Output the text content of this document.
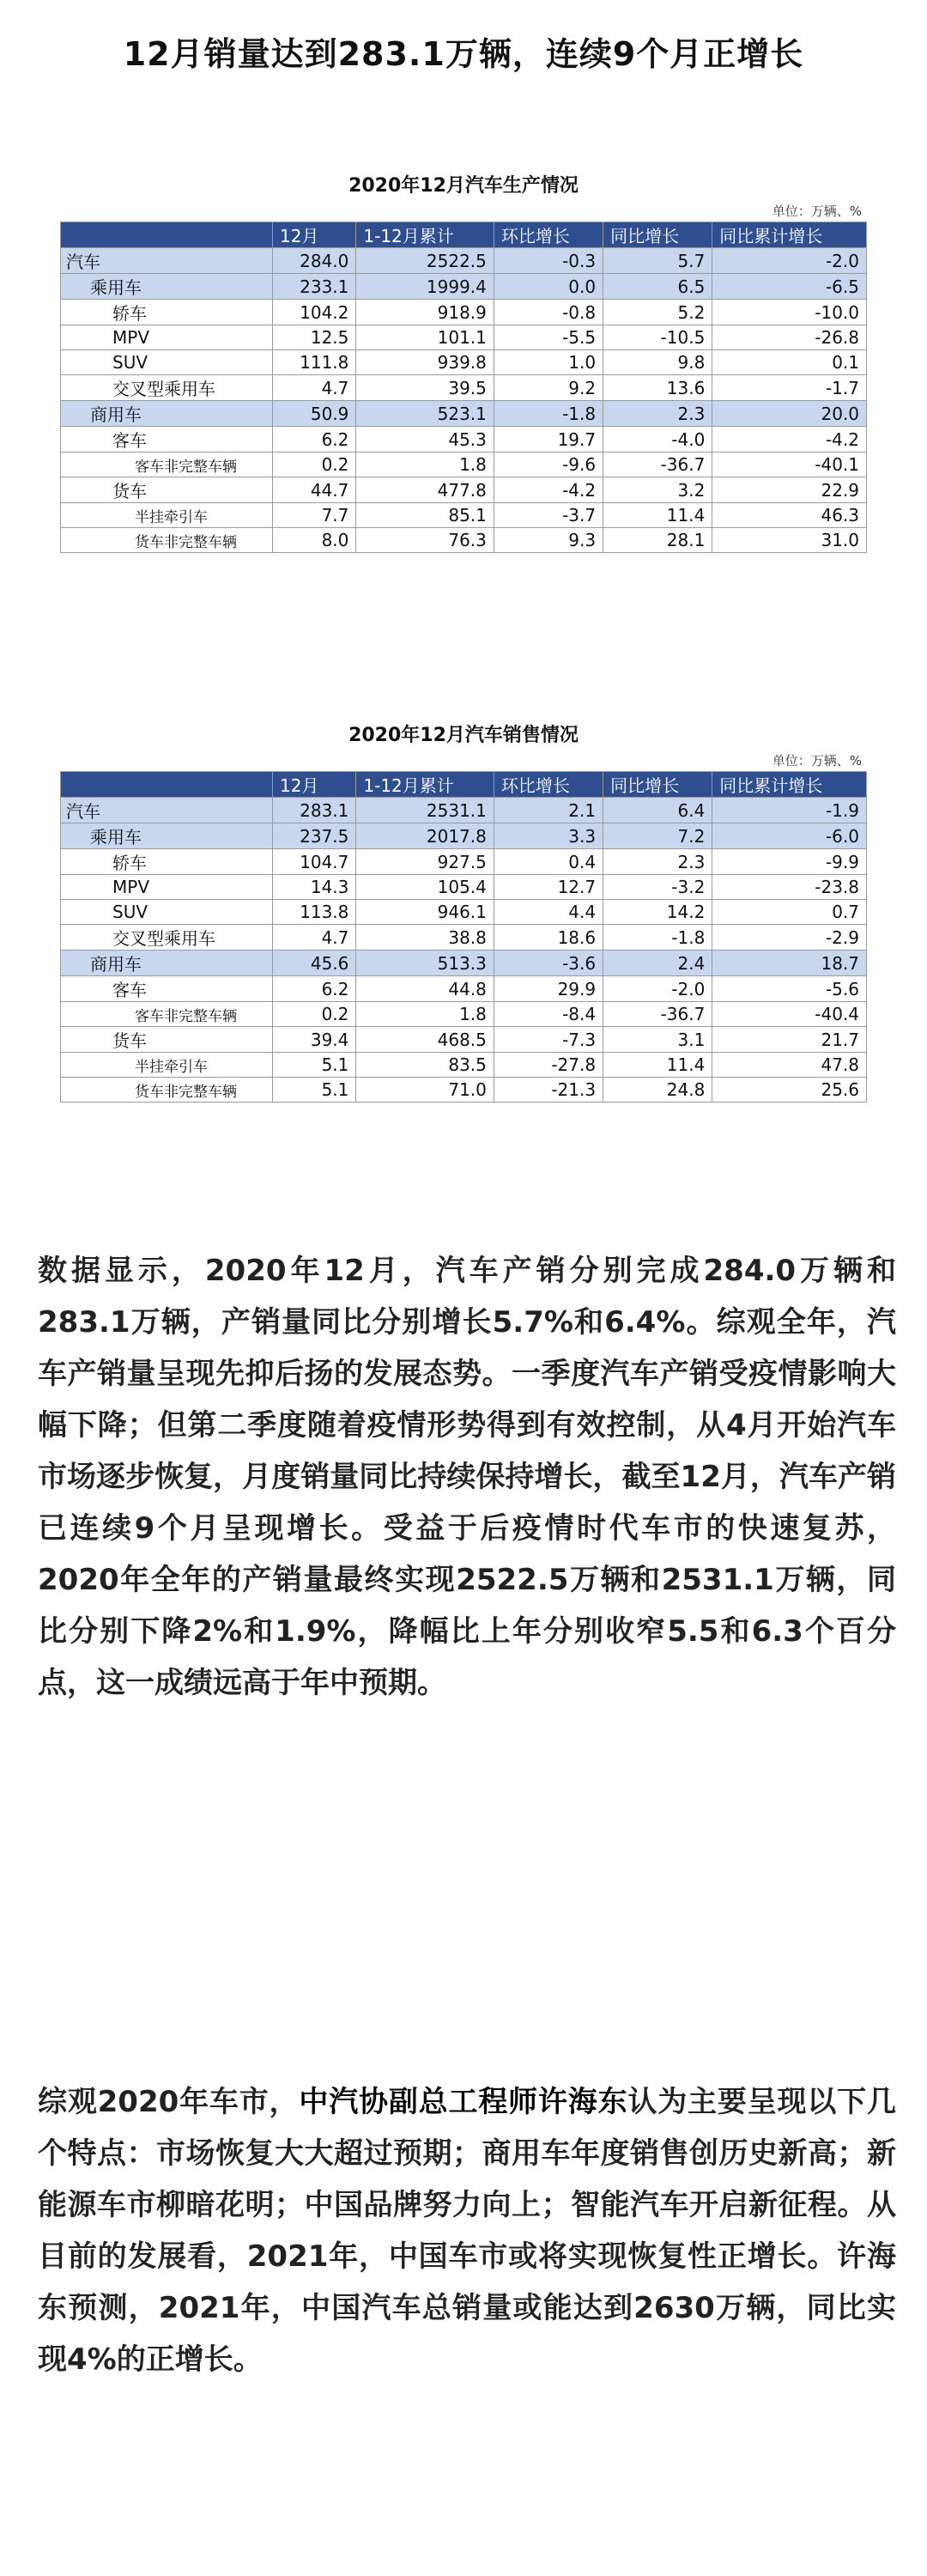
12月销量达到283.1万辆，连续9个月正增长
2020年12月汽车生产情况
单位：万辆、%
	12月	1-12月累计	环比增长	同比增长	同比累计增长
汽车	284.0	2522.5	-0.3	5.7	-2.0
乘用车	233.1	1999.4	0.0	6.5	-6.5
轿车	104.2	918.9	-0.8	5.2	-10.0
MPV	12.5	101.1	-5.5	-10.5	-26.8
SUV	111.8	939.8	1.0	9.8	0.1
交叉型乘用车	4.7	39.5	9.2	13.6	-1.7
商用车	50.9	523.1	-1.8	2.3	20.0
客车	6.2	45.3	19.7	-4.0	-4.2
客车非完整车辆	0.2	1.8	-9.6	-36.7	-40.1
货车	44.7	477.8	-4.2	3.2	22.9
半挂牵引车	7.7	85.1	-3.7	11.4	46.3
货车非完整车辆	8.0	76.3	9.3	28.1	31.0
2020年12月汽车销售情况
单位：万辆、%
	12月	1-12月累计	环比增长	同比增长	同比累计增长
汽车	283.1	2531.1	2.1	6.4	-1.9
乘用车	237.5	2017.8	3.3	7.2	-6.0
轿车	104.7	927.5	0.4	2.3	-9.9
MPV	14.3	105.4	12.7	-3.2	-23.8
SUV	113.8	946.1	4.4	14.2	0.7
交叉型乘用车	4.7	38.8	18.6	-1.8	-2.9
商用车	45.6	513.3	-3.6	2.4	18.7
客车	6.2	44.8	29.9	-2.0	-5.6
客车非完整车辆	0.2	1.8	-8.4	-36.7	-40.4
货车	39.4	468.5	-7.3	3.1	21.7
半挂牵引车	5.1	83.5	-27.8	11.4	47.8
货车非完整车辆	5.1	71.0	-21.3	24.8	25.6
数据显示，2020年12月，汽车产销分别完成284.0万辆和283.1万辆，产销量同比分别增长5.7%和6.4%。综观全年，汽车产销量呈现先抑后扬的发展态势。一季度汽车产销受疫情影响大幅下降；但第二季度随着疫情形势得到有效控制，从4月开始汽车市场逐步恢复，月度销量同比持续保持增长，截至12月，汽车产销已连续9个月呈现增长。受益于后疫情时代车市的快速复苏，2020年全年的产销量最终实现2522.5万辆和2531.1万辆，同比分别下降2%和1.9%，降幅比上年分别收窄5.5和6.3个百分点，这一成绩远高于年中预期。
综观2020年车市，中汽协副总工程师许海东认为主要呈现以下几个特点：市场恢复大大超过预期；商用车年度销售创历史新高；新能源车市柳暗花明；中国品牌努力向上；智能汽车开启新征程。从目前的发展看，2021年，中国车市或将实现恢复性正增长。许海东预测，2021年，中国汽车总销量或能达到2630万辆，同比实现4%的正增长。
